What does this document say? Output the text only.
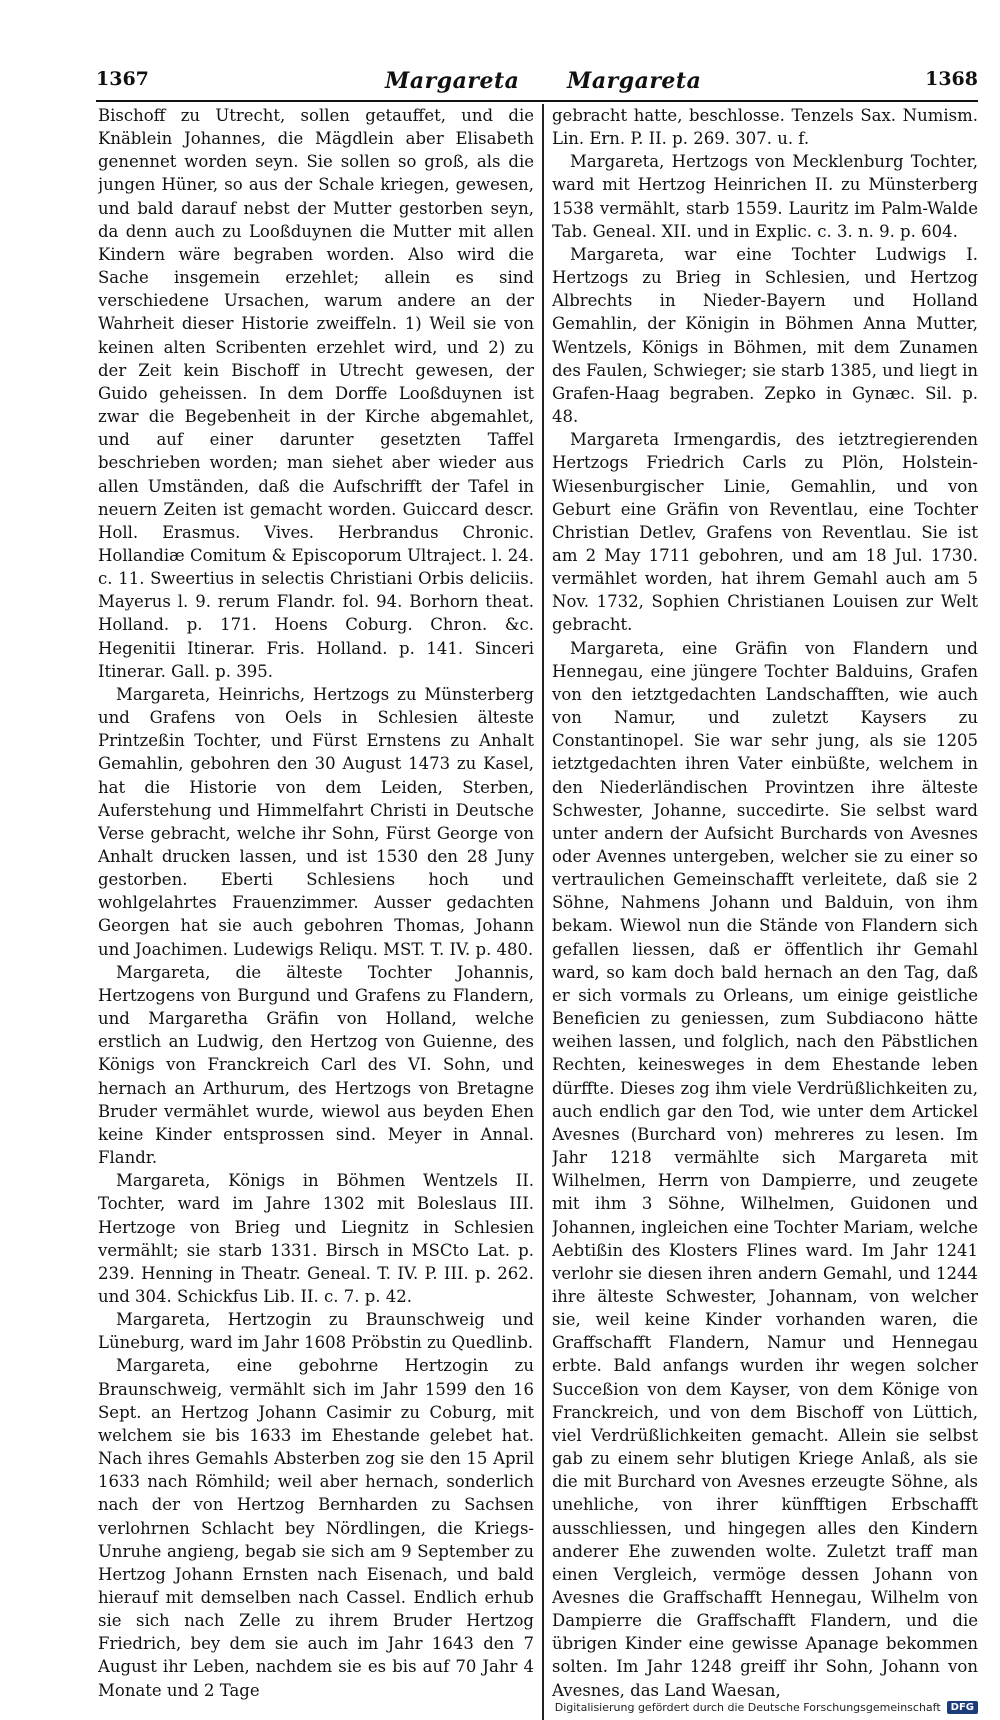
1367	Margareta Margareta	1368

Bischoff zu Utrecht, sollen getauffet, und die Knäblein Johannes, die Mägdlein aber Elisabeth genennet worden seyn. Sie sollen so groß, als die jungen Hüner, so aus der Schale kriegen, gewesen, und bald darauf nebst der Mutter gestorben seyn, da denn auch zu Looßduynen die Mutter mit allen Kindern wäre begraben worden. Also wird die Sache insgemein erzehlet; allein es sind verschiedene Ursachen, warum andere an der Wahrheit dieser Historie zweiffeln. 1) Weil sie von keinen alten Scribenten erzehlet wird, und 2) zu der Zeit kein Bischoff in Utrecht gewesen, der Guido geheissen. In dem Dorffe Looßduynen ist zwar die Begebenheit in der Kirche abgemahlet, und auf einer darunter gesetzten Taffel beschrieben worden; man siehet aber wieder aus allen Umständen, daß die Aufschrifft der Tafel in neuern Zeiten ist gemacht worden. Guiccard descr. Holl. Erasmus. Vives. Herbrandus Chronic. Hollandiæ Comitum & Episcoporum Ultraject. l. 24. c. 11. Sweertius in selectis Christiani Orbis deliciis. Mayerus l. 9. rerum Flandr. fol. 94. Borhorn theat. Holland. p. 171. Hoens Coburg. Chron. &c. Hegenitii Itinerar. Fris. Holland. p. 141. Sinceri Itinerar. Gall. p. 395.

Margareta, Heinrichs, Hertzogs zu Münsterberg und Grafens von Oels in Schlesien älteste Printzeßin Tochter, und Fürst Ernstens zu Anhalt Gemahlin, gebohren den 30 August 1473 zu Kasel, hat die Historie von dem Leiden, Sterben, Auferstehung und Himmelfahrt Christi in Deutsche Verse gebracht, welche ihr Sohn, Fürst George von Anhalt drucken lassen, und ist 1530 den 28 Juny gestorben. Eberti Schlesiens hoch und wohlgelahrtes Frauenzimmer. Ausser gedachten Georgen hat sie auch gebohren Thomas, Johann und Joachimen. Ludewigs Reliqu. MST. T. IV. p. 480.

Margareta, die älteste Tochter Johannis, Hertzogens von Burgund und Grafens zu Flandern, und Margaretha Gräfin von Holland, welche erstlich an Ludwig, den Hertzog von Guienne, des Königs von Franckreich Carl des VI. Sohn, und hernach an Arthurum, des Hertzogs von Bretagne Bruder vermählet wurde, wiewol aus beyden Ehen keine Kinder entsprossen sind. Meyer in Annal. Flandr.

Margareta, Königs in Böhmen Wentzels II. Tochter, ward im Jahre 1302 mit Boleslaus III. Hertzoge von Brieg und Liegnitz in Schlesien vermählt; sie starb 1331. Birsch in MSCto Lat. p. 239. Henning in Theatr. Geneal. T. IV. P. III. p. 262. und 304. Schickfus Lib. II. c. 7. p. 42.

Margareta, Hertzogin zu Braunschweig und Lüneburg, ward im Jahr 1608 Pröbstin zu Quedlinb.

Margareta, eine gebohrne Hertzogin zu Braunschweig, vermählt sich im Jahr 1599 den 16 Sept. an Hertzog Johann Casimir zu Coburg, mit welchem sie bis 1633 im Ehestande gelebet hat. Nach ihres Gemahls Absterben zog sie den 15 April 1633 nach Römhild; weil aber hernach, sonderlich nach der von Hertzog Bernharden zu Sachsen verlohrnen Schlacht bey Nördlingen, die Kriegs-Unruhe angieng, begab sie sich am 9 September zu Hertzog Johann Ernsten nach Eisenach, und bald hierauf mit demselben nach Cassel. Endlich erhub sie sich nach Zelle zu ihrem Bruder Hertzog Friedrich, bey dem sie auch im Jahr 1643 den 7 August ihr Leben, nachdem sie es bis auf 70 Jahr 4 Monate und 2 Tage

gebracht hatte, beschlosse. Tenzels Sax. Numism. Lin. Ern. P. II. p. 269. 307. u. f.

Margareta, Hertzogs von Mecklenburg Tochter, ward mit Hertzog Heinrichen II. zu Münsterberg 1538 vermählt, starb 1559. Lauritz im Palm-Walde Tab. Geneal. XII. und in Explic. c. 3. n. 9. p. 604.

Margareta, war eine Tochter Ludwigs I. Hertzogs zu Brieg in Schlesien, und Hertzog Albrechts in Nieder-Bayern und Holland Gemahlin, der Königin in Böhmen Anna Mutter, Wentzels, Königs in Böhmen, mit dem Zunamen des Faulen, Schwieger; sie starb 1385, und liegt in Grafen-Haag begraben. Zepko in Gynæc. Sil. p. 48.

Margareta Irmengardis, des ietztregierenden Hertzogs Friedrich Carls zu Plön, Holstein-Wiesenburgischer Linie, Gemahlin, und von Geburt eine Gräfin von Reventlau, eine Tochter Christian Detlev, Grafens von Reventlau. Sie ist am 2 May 1711 gebohren, und am 18 Jul. 1730. vermählet worden, hat ihrem Gemahl auch am 5 Nov. 1732, Sophien Christianen Louisen zur Welt gebracht.

Margareta, eine Gräfin von Flandern und Hennegau, eine jüngere Tochter Balduins, Grafen von den ietztgedachten Landschafften, wie auch von Namur, und zuletzt Kaysers zu Constantinopel. Sie war sehr jung, als sie 1205 ietztgedachten ihren Vater einbüßte, welchem in den Niederländischen Provintzen ihre älteste Schwester, Johanne, succedirte. Sie selbst ward unter andern der Aufsicht Burchards von Avesnes oder Avennes untergeben, welcher sie zu einer so vertraulichen Gemeinschafft verleitete, daß sie 2 Söhne, Nahmens Johann und Balduin, von ihm bekam. Wiewol nun die Stände von Flandern sich gefallen liessen, daß er öffentlich ihr Gemahl ward, so kam doch bald hernach an den Tag, daß er sich vormals zu Orleans, um einige geistliche Beneficien zu geniessen, zum Subdiacono hätte weihen lassen, und folglich, nach den Päbstlichen Rechten, keinesweges in dem Ehestande leben dürffte. Dieses zog ihm viele Verdrüßlichkeiten zu, auch endlich gar den Tod, wie unter dem Artickel Avesnes (Burchard von) mehreres zu lesen. Im Jahr 1218 vermählte sich Margareta mit Wilhelmen, Herrn von Dampierre, und zeugete mit ihm 3 Söhne, Wilhelmen, Guidonen und Johannen, ingleichen eine Tochter Mariam, welche Aebtißin des Klosters Flines ward. Im Jahr 1241 verlohr sie diesen ihren andern Gemahl, und 1244 ihre älteste Schwester, Johannam, von welcher sie, weil keine Kinder vorhanden waren, die Graffschafft Flandern, Namur und Hennegau erbte. Bald anfangs wurden ihr wegen solcher Succeßion von dem Kayser, von dem Könige von Franckreich, und von dem Bischoff von Lüttich, viel Verdrüßlichkeiten gemacht. Allein sie selbst gab zu einem sehr blutigen Kriege Anlaß, als sie die mit Burchard von Avesnes erzeugte Söhne, als unehliche, von ihrer künfftigen Erbschafft ausschliessen, und hingegen alles den Kindern anderer Ehe zuwenden wolte. Zuletzt traff man einen Vergleich, vermöge dessen Johann von Avesnes die Graffschafft Hennegau, Wilhelm von Dampierre die Graffschafft Flandern, und die übrigen Kinder eine gewisse Apanage bekommen solten. Im Jahr 1248 greiff ihr Sohn, Johann von Avesnes, das Land Waesan,

Digitalisierung gefördert durch die Deutsche Forschungsgemeinschaft	DFG
